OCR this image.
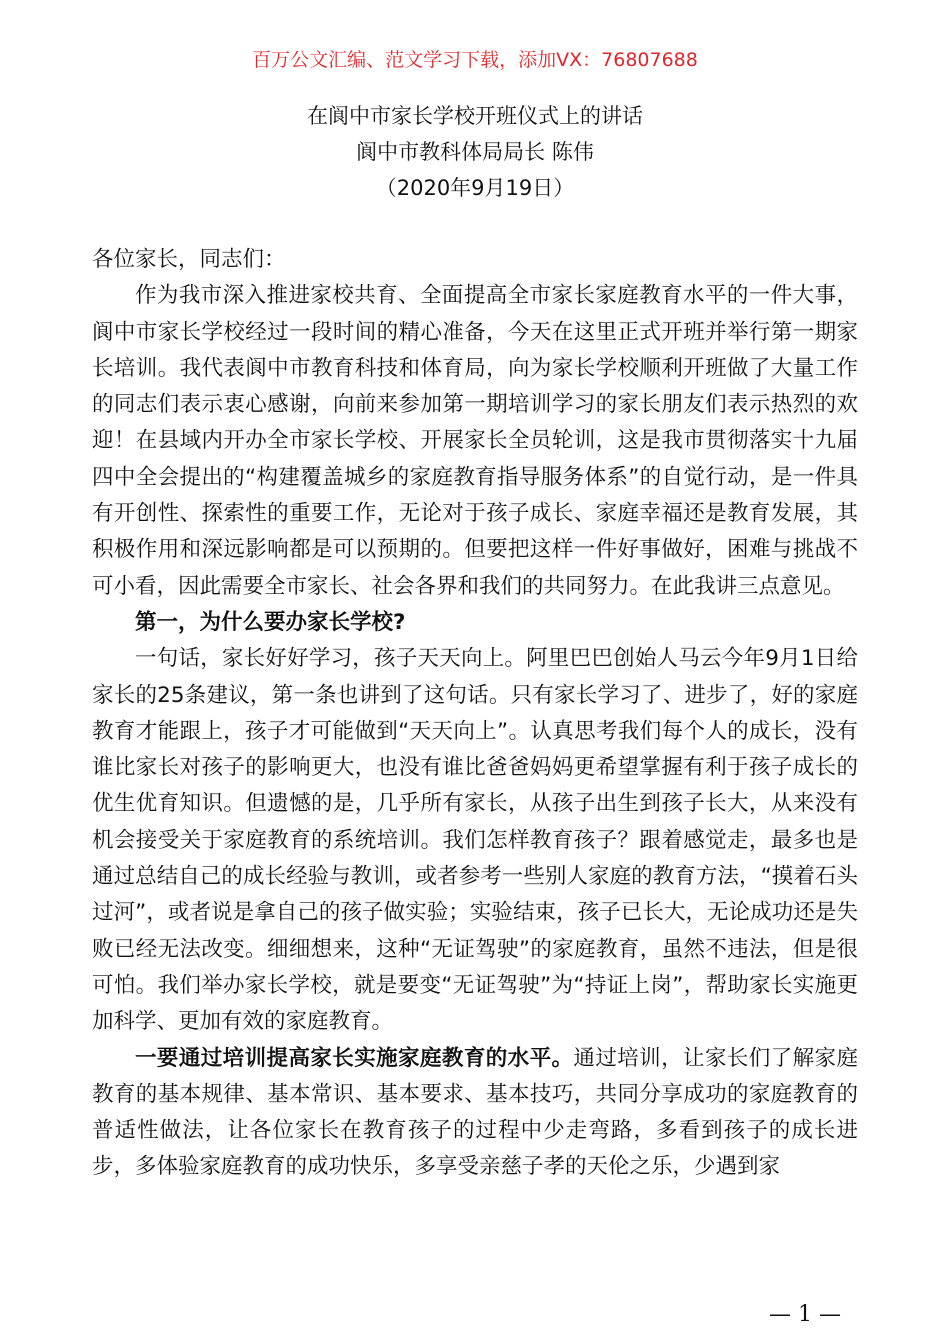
百万公文汇编、范文学习下载，添加VX：76807688
在阆中市家长学校开班仪式上的讲话
阆中市教科体局局长 陈伟
（2020年9月19日）

各位家长，同志们：

作为我市深入推进家校共育、全面提高全市家长家庭教育水平的一件大事，阆中市家长学校经过一段时间的精心准备，今天在这里正式开班并举行第一期家长培训。我代表阆中市教育科技和体育局，向为家长学校顺利开班做了大量工作的同志们表示衷心感谢，向前来参加第一期培训学习的家长朋友们表示热烈的欢迎！在县域内开办全市家长学校、开展家长全员轮训，这是我市贯彻落实十九届四中全会提出的“构建覆盖城乡的家庭教育指导服务体系”的自觉行动，是一件具有开创性、探索性的重要工作，无论对于孩子成长、家庭幸福还是教育发展，其积极作用和深远影响都是可以预期的。但要把这样一件好事做好，困难与挑战不可小看，因此需要全市家长、社会各界和我们的共同努力。在此我讲三点意见。

第一，为什么要办家长学校?

一句话，家长好好学习，孩子天天向上。阿里巴巴创始人马云今年9月1日给家长的25条建议，第一条也讲到了这句话。只有家长学习了、进步了，好的家庭教育才能跟上，孩子才可能做到“天天向上”。认真思考我们每个人的成长，没有谁比家长对孩子的影响更大，也没有谁比爸爸妈妈更希望掌握有利于孩子成长的优生优育知识。但遗憾的是，几乎所有家长，从孩子出生到孩子长大，从来没有机会接受关于家庭教育的系统培训。我们怎样教育孩子？跟着感觉走，最多也是通过总结自己的成长经验与教训，或者参考一些别人家庭的教育方法，“摸着石头过河”，或者说是拿自己的孩子做实验；实验结束，孩子已长大，无论成功还是失败已经无法改变。细细想来，这种“无证驾驶”的家庭教育，虽然不违法，但是很可怕。我们举办家长学校，就是要变“无证驾驶”为“持证上岗”，帮助家长实施更加科学、更加有效的家庭教育。

一要通过培训提高家长实施家庭教育的水平。通过培训，让家长们了解家庭教育的基本规律、基本常识、基本要求、基本技巧，共同分享成功的家庭教育的普适性做法，让各位家长在教育孩子的过程中少走弯路，多看到孩子的成长进步，多体验家庭教育的成功快乐，多享受亲慈子孝的天伦之乐，少遇到家

— 1 —
